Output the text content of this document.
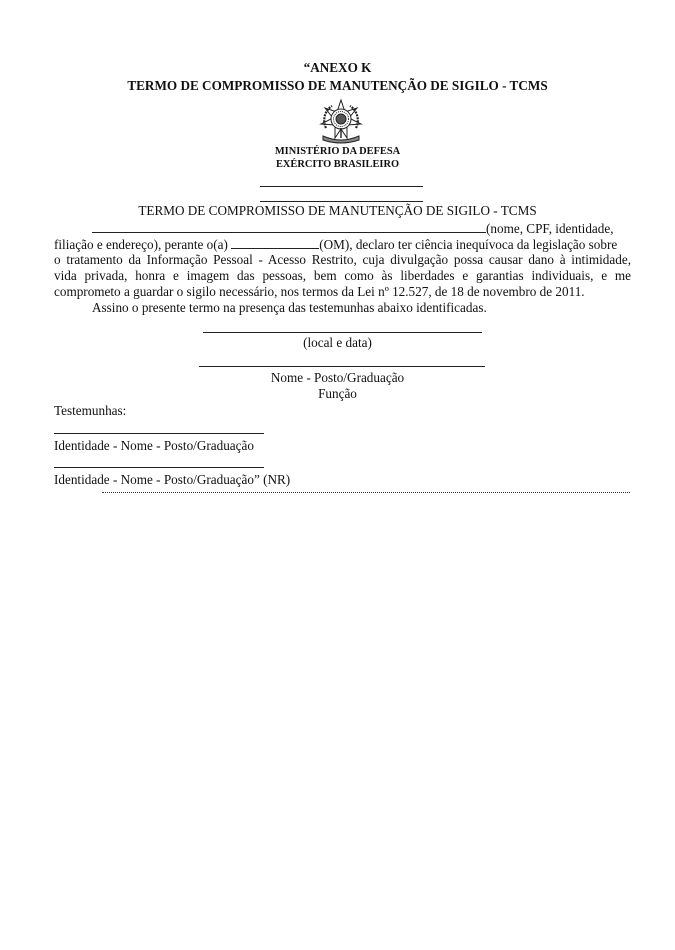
“ANEXO K
TERMO DE COMPROMISSO DE MANUTENÇÃO DE SIGILO - TCMS
MINISTÉRIO DA DEFESA
EXÉRCITO BRASILEIRO
TERMO DE COMPROMISSO DE MANUTENÇÃO DE SIGILO - TCMS
(nome, CPF, identidade,
filiação e endereço), perante o(a)	(OM), declaro ter ciência inequívoca da legislação sobre
o tratamento da Informação Pessoal - Acesso Restrito, cuja divulgação possa causar dano à intimidade,
vida privada, honra e imagem das pessoas, bem como às liberdades e garantias individuais, e me
comprometo a guardar o sigilo necessário, nos termos da Lei nº 12.527, de 18 de novembro de 2011.
Assino o presente termo na presença das testemunhas abaixo identificadas.
(local e data)
Nome - Posto/Graduação
Função
Testemunhas:
Identidade - Nome - Posto/Graduação
Identidade - Nome - Posto/Graduação” (NR)
